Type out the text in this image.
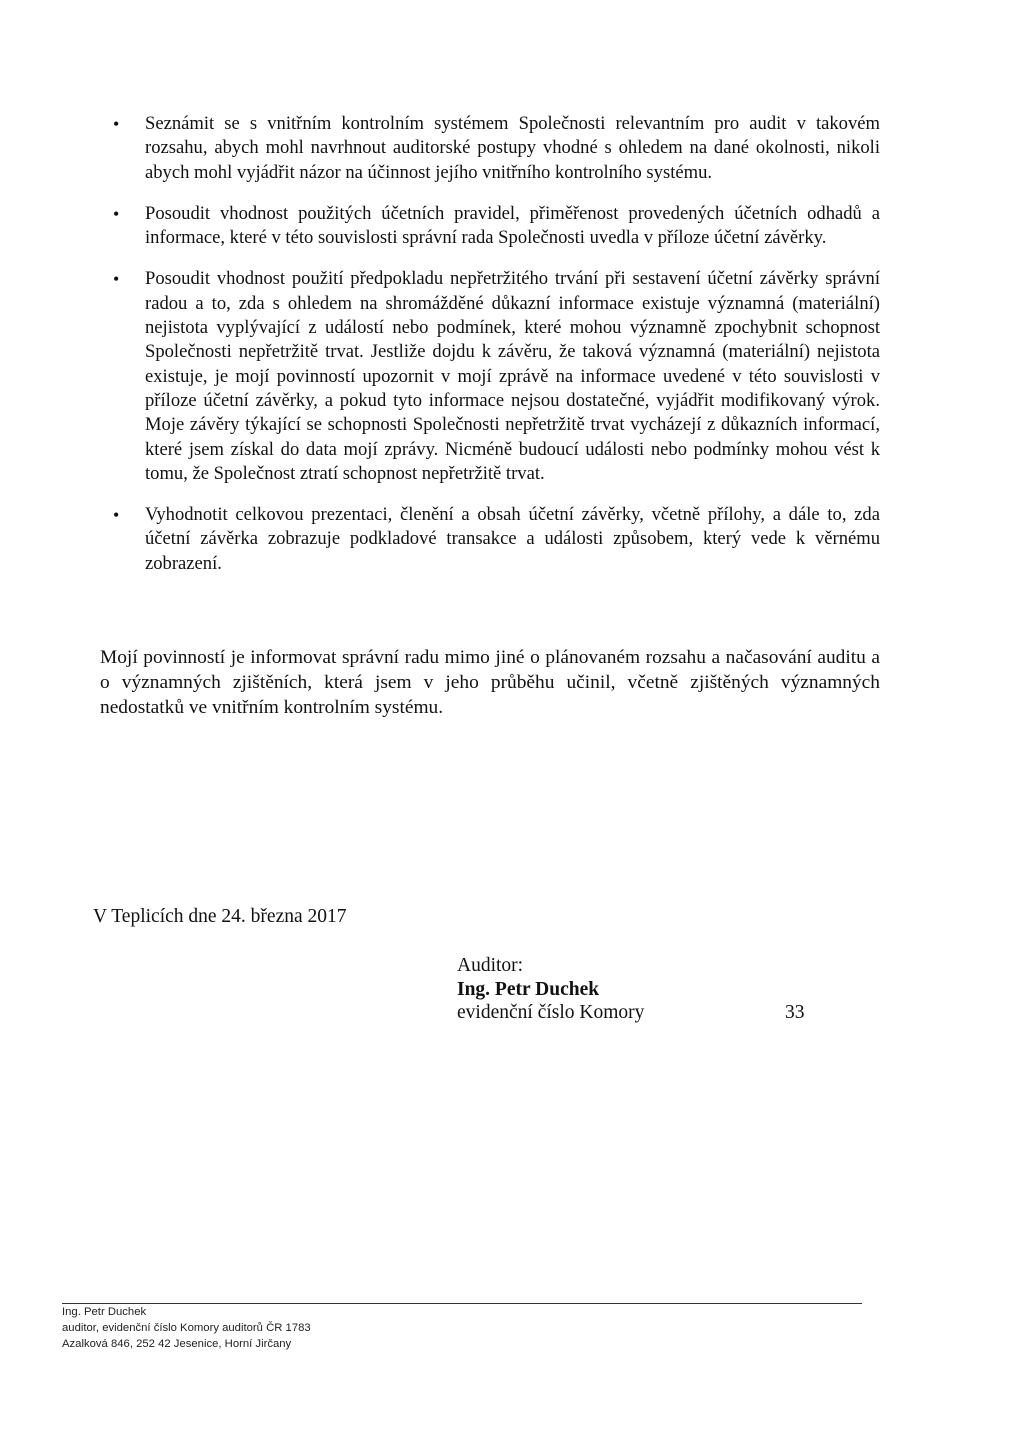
• Seznámit se s vnitřním kontrolním systémem Společnosti relevantním pro audit v takovém rozsahu, abych mohl navrhnout auditorské postupy vhodné s ohledem na dané okolnosti, nikoli abych mohl vyjádřit názor na účinnost jejího vnitřního kontrolního systému.
• Posoudit vhodnost použitých účetních pravidel, přiměřenost provedených účetních odhadů a informace, které v této souvislosti správní rada Společnosti uvedla v příloze účetní závěrky.
• Posoudit vhodnost použití předpokladu nepřetržitého trvání při sestavení účetní závěrky správní radou a to, zda s ohledem na shromážděné důkazní informace existuje významná (materiální) nejistota vyplývající z událostí nebo podmínek, které mohou významně zpochybnit schopnost Společnosti nepřetržitě trvat. Jestliže dojdu k závěru, že taková významná (materiální) nejistota existuje, je mojí povinností upozornit v mojí zprávě na informace uvedené v této souvislosti v příloze účetní závěrky, a pokud tyto informace nejsou dostatečné, vyjádřit modifikovaný výrok. Moje závěry týkající se schopnosti Společnosti nepřetržitě trvat vycházejí z důkazních informací, které jsem získal do data mojí zprávy. Nicméně budoucí události nebo podmínky mohou vést k tomu, že Společnost ztratí schopnost nepřetržitě trvat.
• Vyhodnotit celkovou prezentaci, členění a obsah účetní závěrky, včetně přílohy, a dále to, zda účetní závěrka zobrazuje podkladové transakce a události způsobem, který vede k věrnému zobrazení.

Mojí povinností je informovat správní radu mimo jiné o plánovaném rozsahu a načasování auditu a o významných zjištěních, která jsem v jeho průběhu učinil, včetně zjištěných významných nedostatků ve vnitřním kontrolním systému.

V Teplicích dne 24. března 2017

Auditor:
Ing. Petr Duchek
evidenční číslo Komory	33
Ing. Petr Duchek
auditor, evidenční číslo Komory auditorů ČR 1783
Azalková 846, 252 42 Jesenice, Horní Jirčany
